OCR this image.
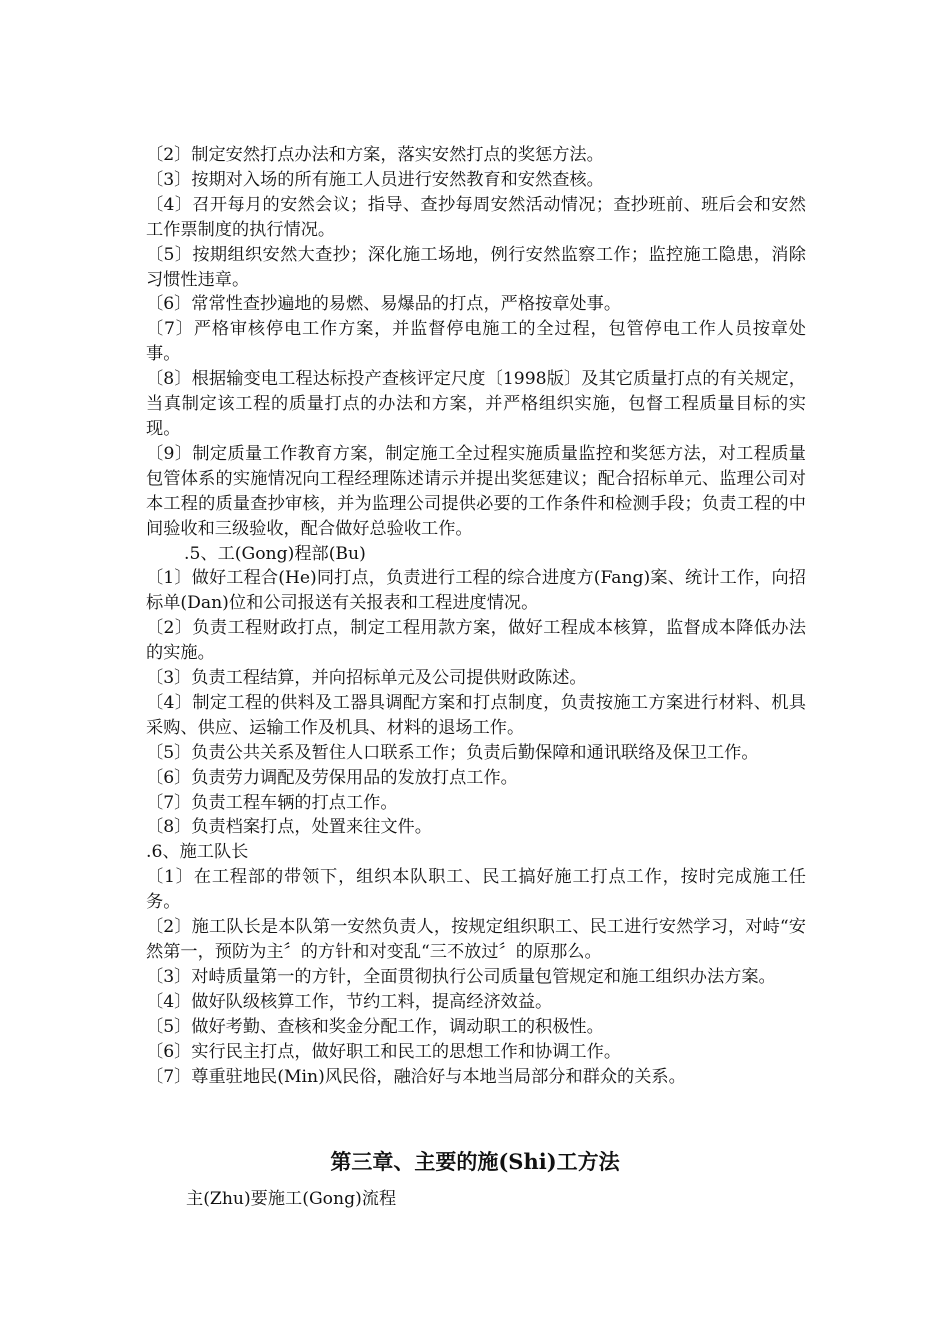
〔2〕制定安然打点办法和方案，落实安然打点的奖惩方法。

〔3〕按期对入场的所有施工人员进行安然教育和安然查核。

〔4〕召开每月的安然会议；指导、查抄每周安然活动情况；查抄班前、班后会和安然工作票制度的执行情况。

〔5〕按期组织安然大查抄；深化施工场地，例行安然监察工作；监控施工隐患，消除习惯性违章。

〔6〕常常性查抄遍地的易燃、易爆品的打点，严格按章处事。

〔7〕严格审核停电工作方案，并监督停电施工的全过程，包管停电工作人员按章处事。

〔8〕根据输变电工程达标投产查核评定尺度〔1998版〕及其它质量打点的有关规定，当真制定该工程的质量打点的办法和方案，并严格组织实施，包督工程质量目标的实现。

〔9〕制定质量工作教育方案，制定施工全过程实施质量监控和奖惩方法，对工程质量包管体系的实施情况向工程经理陈述请示并提出奖惩建议；配合招标单元、监理公司对本工程的质量查抄审核，并为监理公司提供必要的工作条件和检测手段；负责工程的中间验收和三级验收，配合做好总验收工作。

.5、工(Gong)程部(Bu)

〔1〕做好工程合(He)同打点，负责进行工程的综合进度方(Fang)案、统计工作，向招标单(Dan)位和公司报送有关报表和工程进度情况。

〔2〕负责工程财政打点，制定工程用款方案，做好工程成本核算，监督成本降低办法的实施。

〔3〕负责工程结算，并向招标单元及公司提供财政陈述。

〔4〕制定工程的供料及工器具调配方案和打点制度，负责按施工方案进行材料、机具采购、供应、运输工作及机具、材料的退场工作。

〔5〕负责公共关系及暂住人口联系工作；负责后勤保障和通讯联络及保卫工作。

〔6〕负责劳力调配及劳保用品的发放打点工作。

〔7〕负责工程车辆的打点工作。

〔8〕负责档案打点，处置来往文件。

.6、施工队长

〔1〕在工程部的带领下，组织本队职工、民工搞好施工打点工作，按时完成施工任务。

〔2〕施工队长是本队第一安然负责人，按规定组织职工、民工进行安然学习，对峙“安然第一，预防为主〞的方针和对变乱“三不放过〞的原那么。

〔3〕对峙质量第一的方针，全面贯彻执行公司质量包管规定和施工组织办法方案。

〔4〕做好队级核算工作，节约工料，提高经济效益。

〔5〕做好考勤、查核和奖金分配工作，调动职工的积极性。

〔6〕实行民主打点，做好职工和民工的思想工作和协调工作。

〔7〕尊重驻地民(Min)风民俗，融洽好与本地当局部分和群众的关系。

第三章、主要的施(Shi)工方法

主(Zhu)要施工(Gong)流程
